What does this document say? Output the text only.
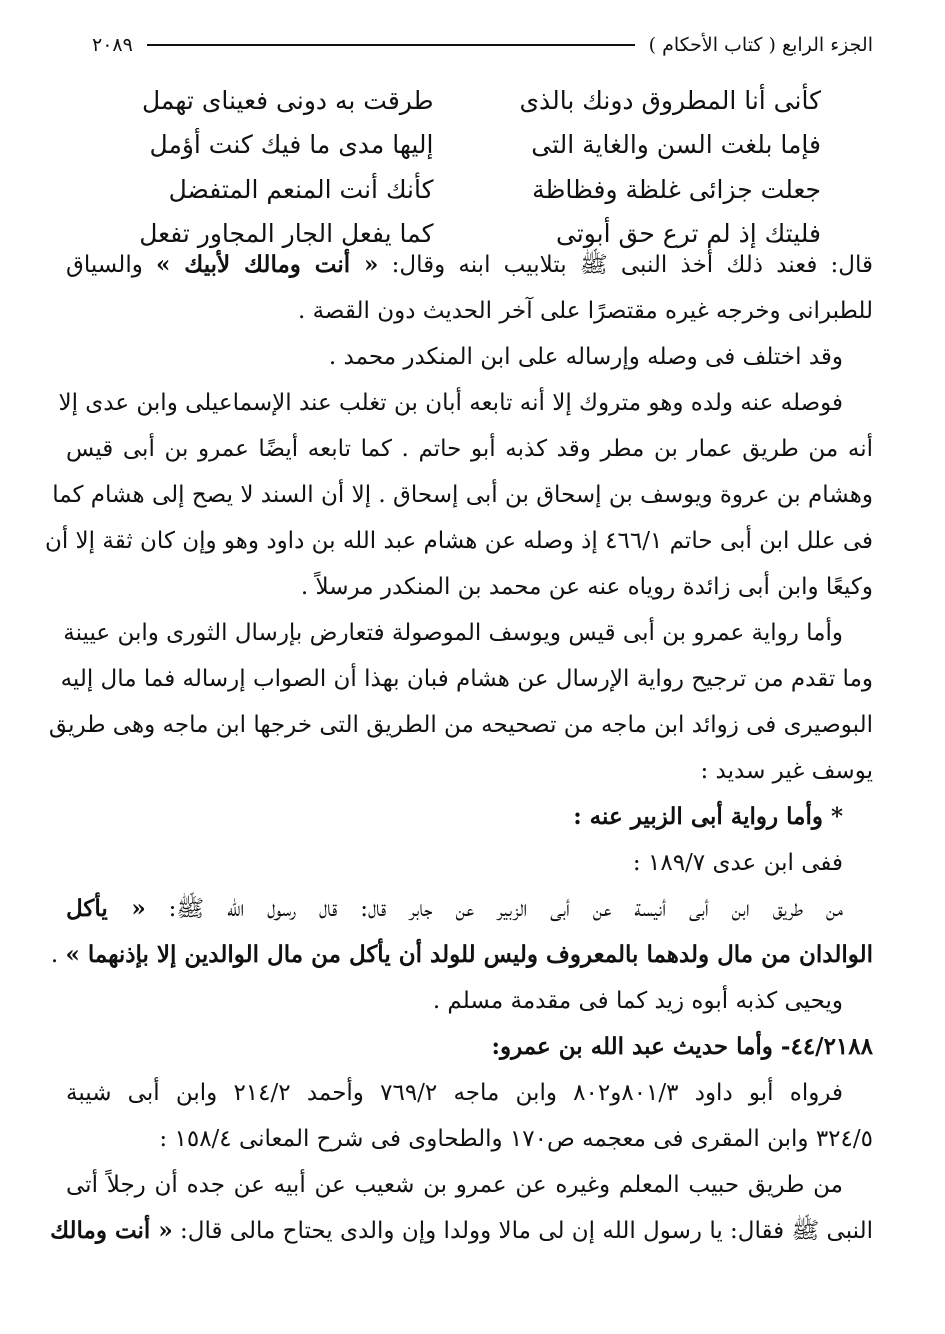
الجزء الرابع ( كتاب الأحكام )
٢٠٨٩
كأنى أنا المطروق دونك بالذى
طرقت به دونى فعيناى تهمل
فإما بلغت السن والغاية التى
إليها مدى ما فيك كنت أؤمل
جعلت جزائى غلظة وفظاظة
كأنك أنت المنعم المتفضل
فليتك إذ لم ترع حق أبوتى
كما يفعل الجار المجاور تفعل
قال: فعند ذلك أخذ النبى ﷺ بتلابيب ابنه وقال: « أنت ومالك لأبيك » والسياق
للطبرانى وخرجه غيره مقتصرًا على آخر الحديث دون القصة .
وقد اختلف فى وصله وإرساله على ابن المنكدر محمد .
فوصله عنه ولده وهو متروك إلا أنه تابعه أبان بن تغلب عند الإسماعيلى وابن عدى إلا
أنه من طريق عمار بن مطر وقد كذبه أبو حاتم . كما تابعه أيضًا عمرو بن أبى قيس
وهشام بن عروة ويوسف بن إسحاق بن أبى إسحاق . إلا أن السند لا يصح إلى هشام كما
فى علل ابن أبى حاتم ٤٦٦/١ إذ وصله عن هشام عبد الله بن داود وهو وإن كان ثقة إلا أن
وكيعًا وابن أبى زائدة روياه عنه عن محمد بن المنكدر مرسلاً .
وأما رواية عمرو بن أبى قيس ويوسف الموصولة فتعارض بإرسال الثورى وابن عيينة
وما تقدم من ترجيح رواية الإرسال عن هشام فبان بهذا أن الصواب إرساله فما مال إليه
البوصيرى فى زوائد ابن ماجه من تصحيحه من الطريق التى خرجها ابن ماجه وهى طريق
يوسف غير سديد :
* وأما رواية أبى الزبير عنه :
ففى ابن عدى ١٨٩/٧ :
من طريق ابن أبى أنيسة عن أبى الزبير عن جابر قال: قال رسول الله ﷺ: « يأكل
الوالدان من مال ولدهما بالمعروف وليس للولد أن يأكل من مال الوالدين إلا بإذنهما » .
ويحيى كذبه أبوه زيد كما فى مقدمة مسلم .
٤٤/٢١٨٨- وأما حديث عبد الله بن عمرو:
فرواه أبو داود ٨٠١/٣و٨٠٢ وابن ماجه ٧٦٩/٢ وأحمد ٢١٤/٢ وابن أبى شيبة
٣٢٤/٥ وابن المقرى فى معجمه ص١٧٠ والطحاوى فى شرح المعانى ١٥٨/٤ :
من طريق حبيب المعلم وغيره عن عمرو بن شعيب عن أبيه عن جده أن رجلاً أتى
النبى ﷺ فقال: يا رسول الله إن لى مالا وولدا وإن والدى يحتاح مالى قال: « أنت ومالك
